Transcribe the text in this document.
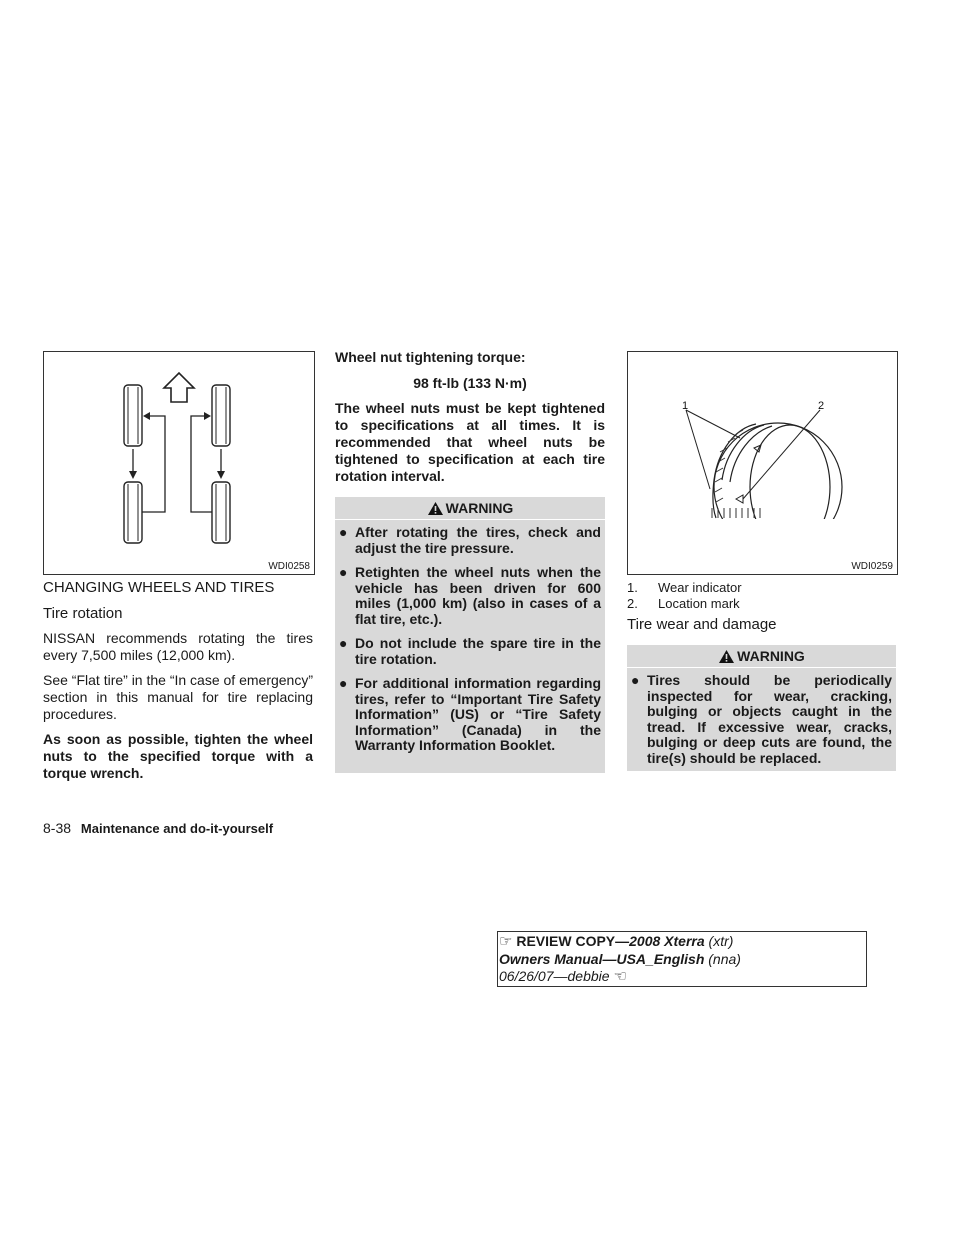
WDI0258
CHANGING WHEELS AND TIRES
Tire rotation

NISSAN recommends rotating the tires every 7,500 miles (12,000 km).

See “Flat tire” in the “In case of emergency” section in this manual for tire replacing procedures.

As soon as possible, tighten the wheel nuts to the specified torque with a torque wrench.

Wheel nut tightening torque:

98 ft-lb (133 N·m)

The wheel nuts must be kept tightened to specifications at all times. It is recommended that wheel nuts be tightened to specification at each tire rotation interval.

WARNING
● After rotating the tires, check and adjust the tire pressure.
● Retighten the wheel nuts when the vehicle has been driven for 600 miles (1,000 km) (also in cases of a flat tire, etc.).
● Do not include the spare tire in the tire rotation.
● For additional information regarding tires, refer to “Important Tire Safety Information” (US) or “Tire Safety Information” (Canada) in the Warranty Information Booklet.
1	2
WDI0259
1. Wear indicator
2. Location mark
Tire wear and damage
WARNING
● Tires should be periodically inspected for wear, cracking, bulging or objects caught in the tread. If excessive wear, cracks, bulging or deep cuts are found, the tire(s) should be replaced.
8-38 Maintenance and do-it-yourself
☞ REVIEW COPY—2008 Xterra (xtr)
Owners Manual—USA_English (nna)
06/26/07—debbie ☜
